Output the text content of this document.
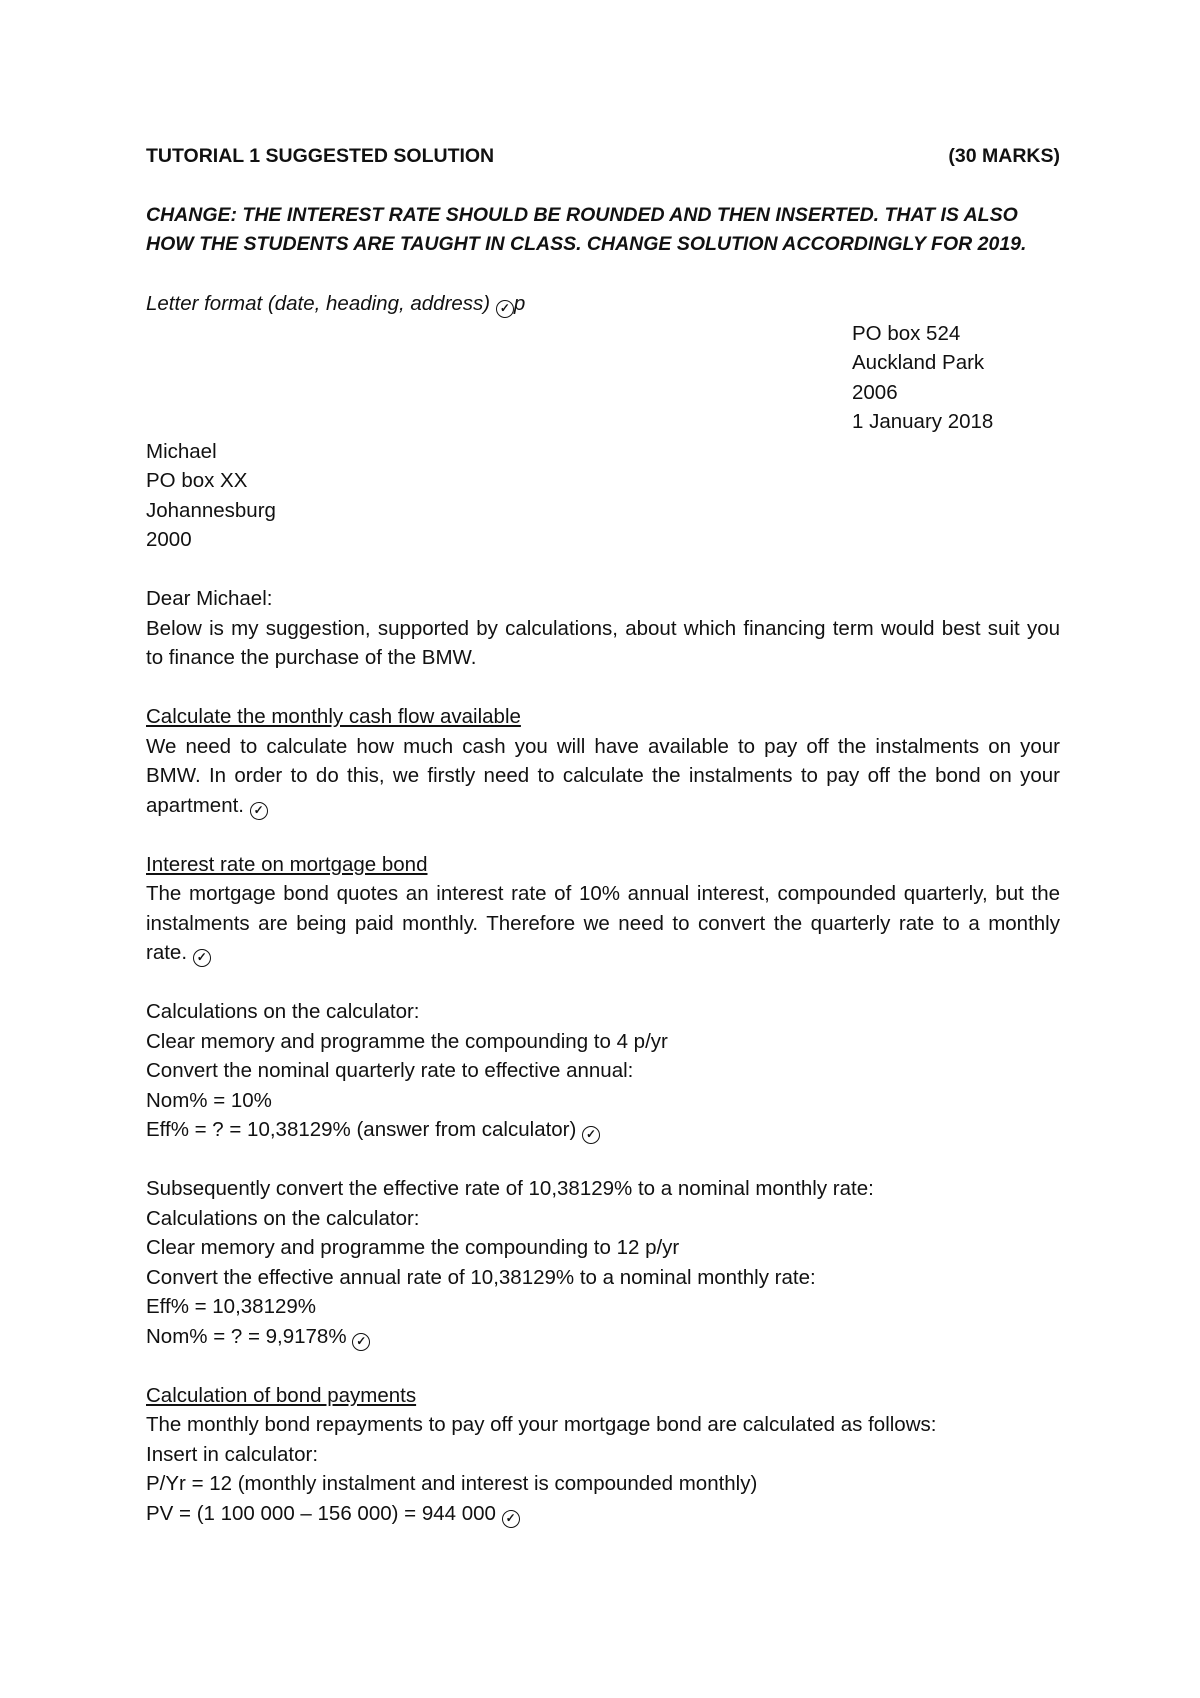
TUTORIAL 1 SUGGESTED SOLUTION	(30 MARKS)
CHANGE: THE INTEREST RATE SHOULD BE ROUNDED AND THEN INSERTED. THAT IS ALSO HOW THE STUDENTS ARE TAUGHT IN CLASS. CHANGE SOLUTION ACCORDINGLY FOR 2019.
Letter format (date, heading, address) ✓ p
PO box 524
Auckland Park
2006
1 January 2018
Michael
PO box XX
Johannesburg
2000
Dear Michael:
Below is my suggestion, supported by calculations, about which financing term would best suit you to finance the purchase of the BMW.
Calculate the monthly cash flow available
We need to calculate how much cash you will have available to pay off the instalments on your BMW. In order to do this, we firstly need to calculate the instalments to pay off the bond on your apartment. ✓
Interest rate on mortgage bond
The mortgage bond quotes an interest rate of 10% annual interest, compounded quarterly, but the instalments are being paid monthly. Therefore we need to convert the quarterly rate to a monthly rate. ✓
Calculations on the calculator:
Clear memory and programme the compounding to 4 p/yr
Convert the nominal quarterly rate to effective annual:
Nom% = 10%
Eff% = ? = 10,38129% (answer from calculator) ✓
Subsequently convert the effective rate of 10,38129% to a nominal monthly rate:
Calculations on the calculator:
Clear memory and programme the compounding to 12 p/yr
Convert the effective annual rate of 10,38129% to a nominal monthly rate:
Eff% = 10,38129%
Nom% = ? = 9,9178% ✓
Calculation of bond payments
The monthly bond repayments to pay off your mortgage bond are calculated as follows:
Insert in calculator:
P/Yr = 12 (monthly instalment and interest is compounded monthly)
PV = (1 100 000 – 156 000) = 944 000 ✓
